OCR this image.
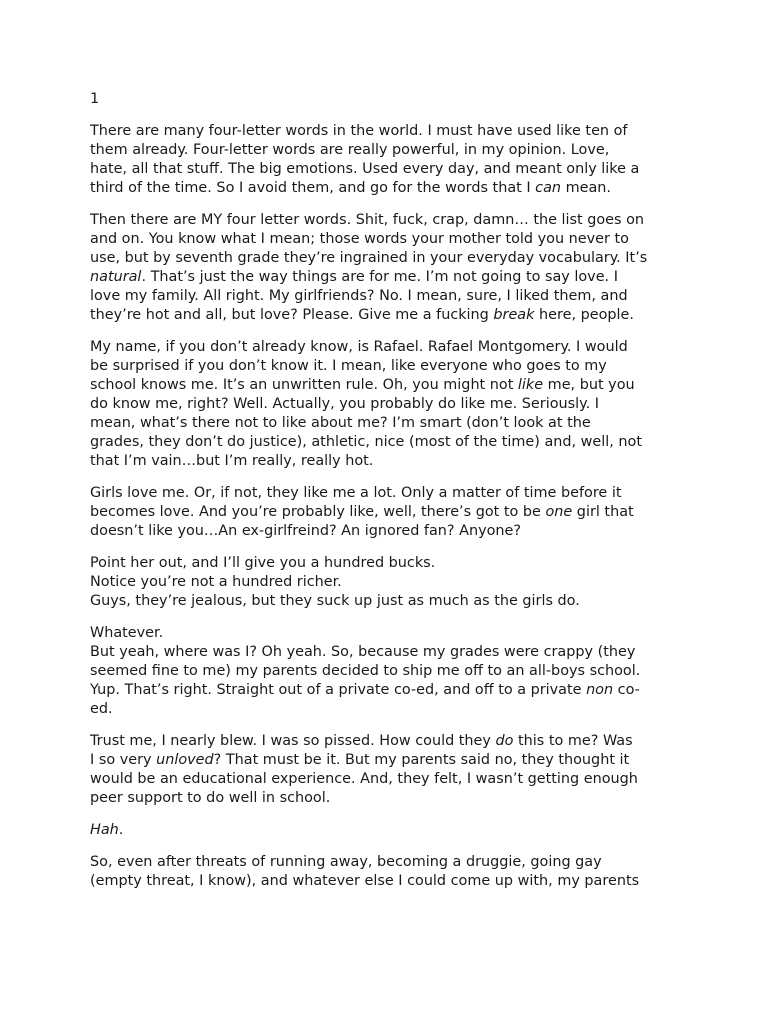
1
There are many four-letter words in the world. I must have used like ten of
them already. Four-letter words are really powerful, in my opinion. Love,
hate, all that stuff. The big emotions. Used every day, and meant only like a
third of the time. So I avoid them, and go for the words that I can mean.
Then there are MY four letter words. Shit, fuck, crap, damn… the list goes on
and on. You know what I mean; those words your mother told you never to
use, but by seventh grade they’re ingrained in your everyday vocabulary. It’s
natural. That’s just the way things are for me. I’m not going to say love. I
love my family. All right. My girlfriends? No. I mean, sure, I liked them, and
they’re hot and all, but love? Please. Give me a fucking break here, people.
My name, if you don’t already know, is Rafael. Rafael Montgomery. I would
be surprised if you don’t know it. I mean, like everyone who goes to my
school knows me. It’s an unwritten rule. Oh, you might not like me, but you
do know me, right? Well. Actually, you probably do like me. Seriously. I
mean, what’s there not to like about me? I’m smart (don’t look at the
grades, they don’t do justice), athletic, nice (most of the time) and, well, not
that I’m vain…but I’m really, really hot.
Girls love me. Or, if not, they like me a lot. Only a matter of time before it
becomes love. And you’re probably like, well, there’s got to be one girl that
doesn’t like you…An ex-girlfreind? An ignored fan? Anyone?
Point her out, and I’ll give you a hundred bucks.
Notice you’re not a hundred richer.
Guys, they’re jealous, but they suck up just as much as the girls do.
Whatever.
But yeah, where was I? Oh yeah. So, because my grades were crappy (they
seemed fine to me) my parents decided to ship me off to an all-boys school.
Yup. That’s right. Straight out of a private co-ed, and off to a private non co-
ed.
Trust me, I nearly blew. I was so pissed. How could they do this to me? Was
I so very unloved? That must be it. But my parents said no, they thought it
would be an educational experience. And, they felt, I wasn’t getting enough
peer support to do well in school.
Hah.
So, even after threats of running away, becoming a druggie, going gay
(empty threat, I know), and whatever else I could come up with, my parents
